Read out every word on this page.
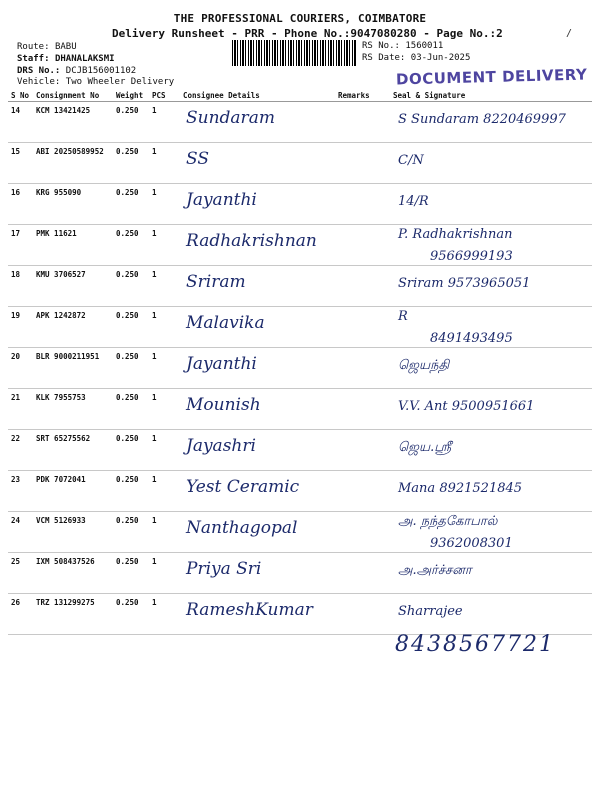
THE PROFESSIONAL COURIERS, COIMBATORE
Delivery Runsheet - PRR - Phone No.:9047080280 - Page No.:2	/
Route: BABU
Staff: DHANALAKSMI
DRS No.: DCJB156001102
Vehicle: Two Wheeler Delivery
RS No.: 1560011
RS Date: 03-Jun-2025
DOCUMENT DELIVERY
S No	Consignment No	Weight	PCS	Consignee Details	Remarks	Seal & Signature
14	KCM 13421425	0.250	1	Sundaram		S Sundaram 8220469997

15	ABI 20250589952	0.250	1	SS		C/N

16	KRG 955090	0.250	1	Jayanthi		14/R

17	PMK 11621	0.250	1	Radhakrishnan		P. Radhakrishnan
9566999193

18	KMU 3706527	0.250	1	Sriram		Sriram 9573965051

19	APK 1242872	0.250	1	Malavika		R
8491493495

20	BLR 9000211951	0.250	1	Jayanthi		ஜெயந்தி

21	KLK 7955753	0.250	1	Mounish		V.V. Ant 9500951661

22	SRT 65275562	0.250	1	Jayashri		ஜெய.ஸ்ரீ

23	PDK 7072041	0.250	1	Yest Ceramic		Mana 8921521845

24	VCM 5126933	0.250	1	Nanthagopal		அ. நந்தகோபால்
9362008301

25	IXM 508437526	0.250	1	Priya Sri		அ.அர்ச்சனா

26	TRZ 131299275	0.250	1	RameshKumar		Sharrajee
8438567721
